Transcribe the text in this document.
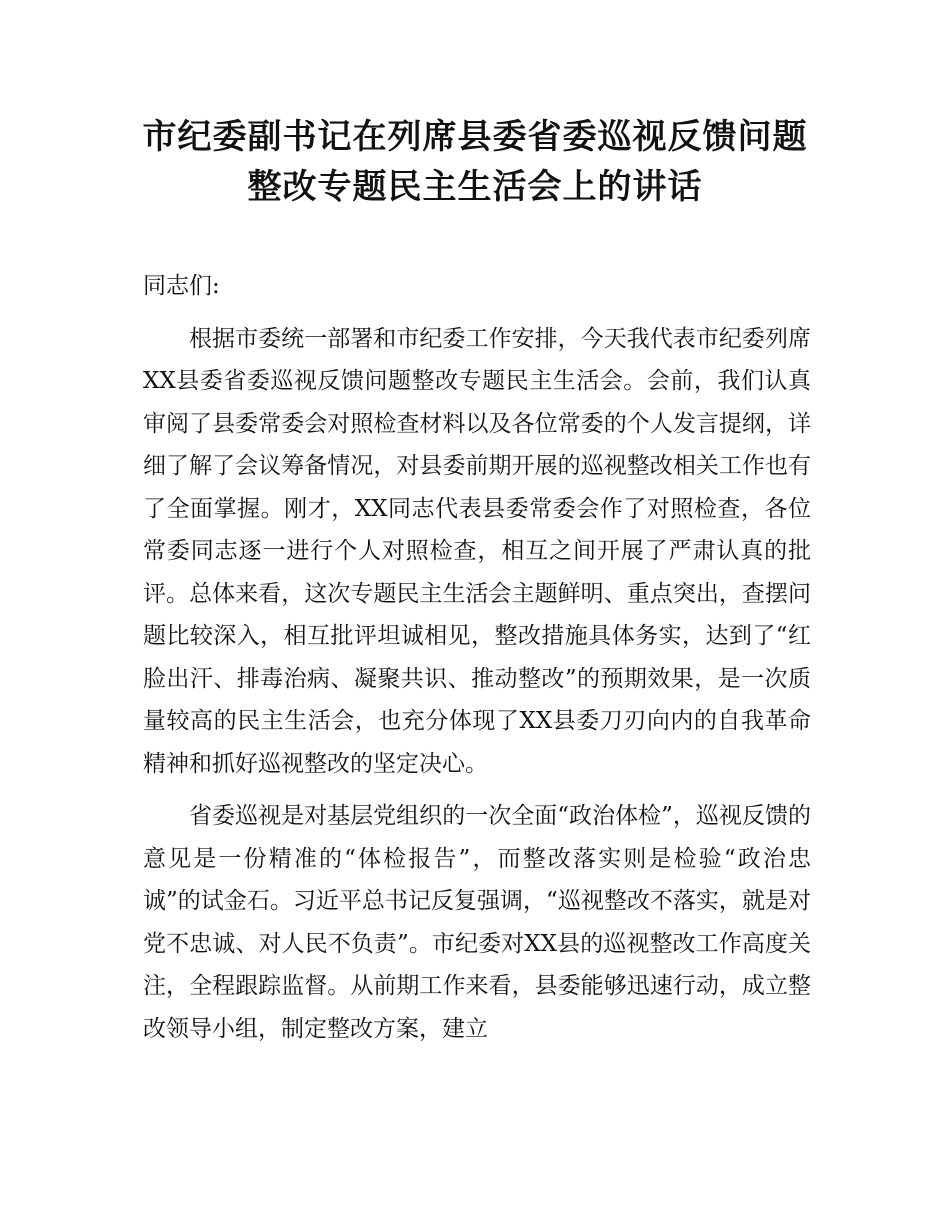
市纪委副书记在列席县委省委巡视反馈问题
整改专题民主生活会上的讲话

同志们:

根据市委统一部署和市纪委工作安排，今天我代表市纪委列席XX县委省委巡视反馈问题整改专题民主生活会。会前，我们认真审阅了县委常委会对照检查材料以及各位常委的个人发言提纲，详细了解了会议筹备情况，对县委前期开展的巡视整改相关工作也有了全面掌握。刚才，XX同志代表县委常委会作了对照检查，各位常委同志逐一进行个人对照检查，相互之间开展了严肃认真的批评。总体来看，这次专题民主生活会主题鲜明、重点突出，查摆问题比较深入，相互批评坦诚相见，整改措施具体务实，达到了“红脸出汗、排毒治病、凝聚共识、推动整改”的预期效果，是一次质量较高的民主生活会，也充分体现了XX县委刀刃向内的自我革命精神和抓好巡视整改的坚定决心。

省委巡视是对基层党组织的一次全面“政治体检”，巡视反馈的意见是一份精准的“体检报告”，而整改落实则是检验“政治忠诚”的试金石。习近平总书记反复强调，“巡视整改不落实，就是对党不忠诚、对人民不负责”。市纪委对XX县的巡视整改工作高度关注，全程跟踪监督。从前期工作来看，县委能够迅速行动，成立整改领导小组，制定整改方案，建立
